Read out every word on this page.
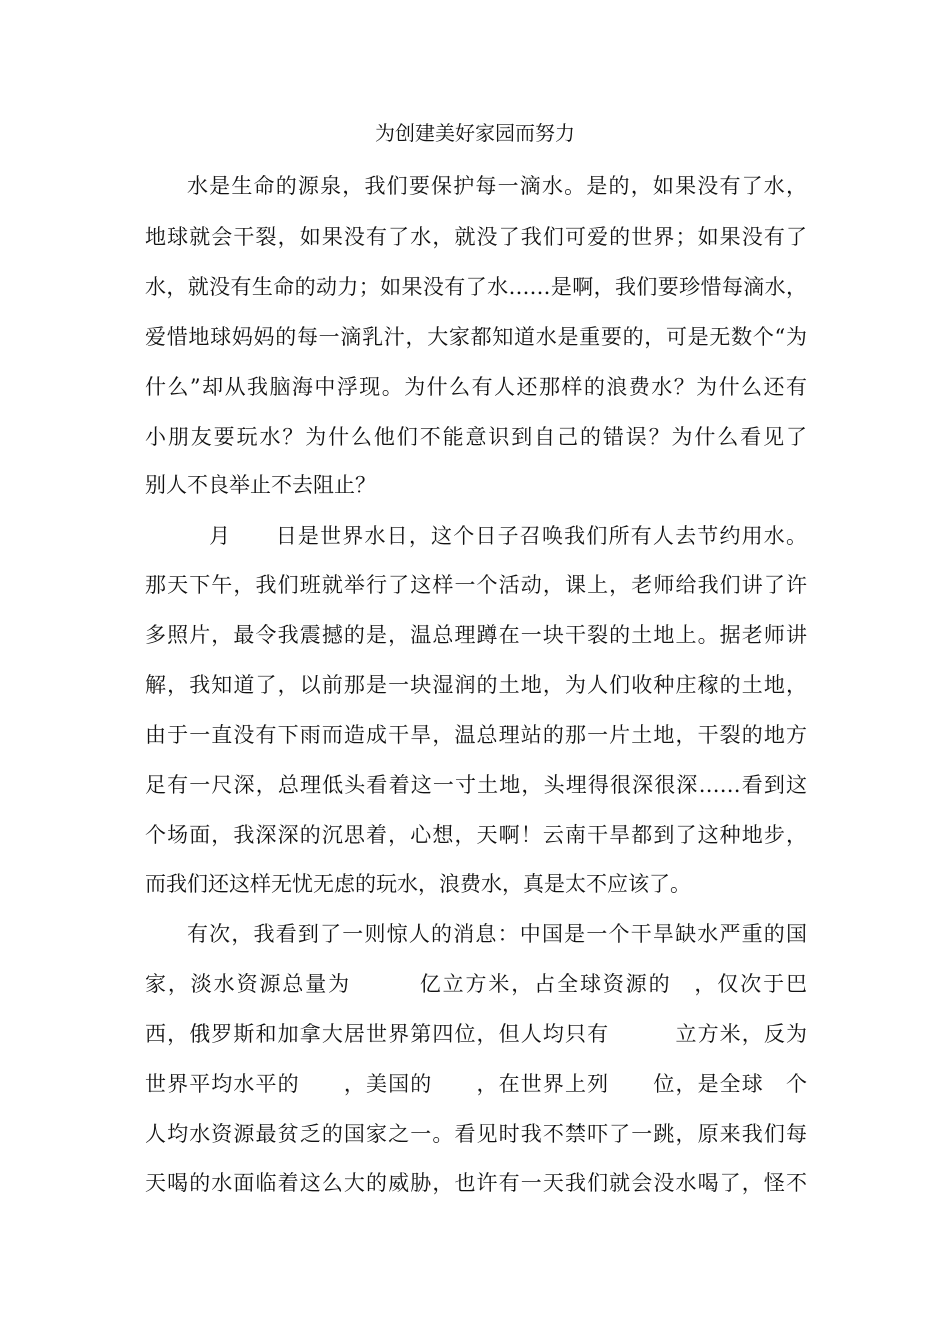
为创建美好家园而努力
水是生命的源泉，我们要保护每一滴水。是的，如果没有了水，
地球就会干裂，如果没有了水，就没了我们可爱的世界；如果没有了
水，就没有生命的动力；如果没有了水……是啊，我们要珍惜每滴水，
爱惜地球妈妈的每一滴乳汁，大家都知道水是重要的，可是无数个“为
什么”却从我脑海中浮现。为什么有人还那样的浪费水？为什么还有
小朋友要玩水？为什么他们不能意识到自己的错误？为什么看见了
别人不良举止不去阻止？
　月　　日是世界水日，这个日子召唤我们所有人去节约用水。
那天下午，我们班就举行了这样一个活动，课上，老师给我们讲了许
多照片，最令我震撼的是，温总理蹲在一块干裂的土地上。据老师讲
解，我知道了，以前那是一块湿润的土地，为人们收种庄稼的土地，
由于一直没有下雨而造成干旱，温总理站的那一片土地，干裂的地方
足有一尺深，总理低头看着这一寸土地，头埋得很深很深……看到这
个场面，我深深的沉思着，心想，天啊！云南干旱都到了这种地步，
而我们还这样无忧无虑的玩水，浪费水，真是太不应该了。
有次，我看到了一则惊人的消息：中国是一个干旱缺水严重的国
家，淡水资源总量为　　　亿立方米，占全球资源的　，仅次于巴
西，俄罗斯和加拿大居世界第四位，但人均只有　　　立方米，反为
世界平均水平的　　，美国的　　，在世界上列　　位，是全球　个
人均水资源最贫乏的国家之一。看见时我不禁吓了一跳，原来我们每
天喝的水面临着这么大的威胁，也许有一天我们就会没水喝了，怪不
